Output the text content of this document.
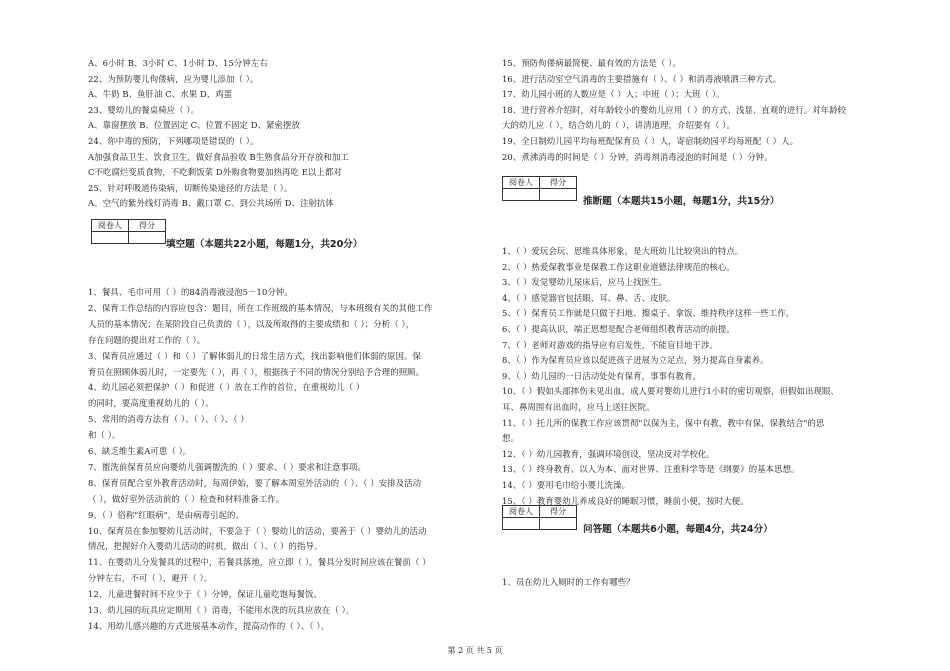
A、6小时 B、3小时 C、1小时 D、15分钟左右
22、为预防婴儿佝偻病，应为婴儿添加（ ）。
A、牛奶 B、鱼肝油 C、水果 D、鸡蛋
23、婴幼儿的餐桌椅应（ ）。
A、靠窗摆放 B、位置固定 C、位置不固定 D、紧密摆放
24、你中毒的预防，下列哪项是错误的（ ）。
A加强食品卫生、饮食卫生，做好食品验收 B生熟食品分开存放和加工
C不吃腐烂变质食物，不吃剩饭菜 D外购食物要加热再吃 E以上都对
25、针对呼吸道传染病，切断传染途径的方法是（ ）。
A、空气的紫外线灯消毒 B、戴口罩 C、到公共场所 D、注射抗体
阅卷人	得分

填空题（本题共22小题，每题1分，共20分）
1、餐具、毛巾可用（ ）的84消毒液浸泡5－10分钟。
2、保育工作总结的内容应包含：题目，所在工作班级的基本情况，与本班级有关的其他工作
人员的基本情况；在某阶段自己负责的（ ），以及所取得的主要成绩和（ ）；分析（ ），
存在问题的提出对工作的（ ）。
3、保育员应通过（ ）和（ ）了解体弱儿的日常生活方式，找出影响他们体弱的原因。保
育员在照顾体弱儿时，一定要先（ ），再（ ），根据孩子不同的情况分别给予合理的照顾。
4、幼儿园必须把保护（ ）和促进（ ）放在工作的首位，在重视幼儿（ ）
的同时，要高度重视幼儿的（ ）。
5、常用的消毒方法有（ ）、（ ）、（ ）、（ ）
和（ ）。
6、缺乏维生素A可患（ ）。
7、盥洗前保育员应向婴幼儿强调盥洗的（ ）要求、（ ）要求和注意事项。
8、保育员配合室外教育活动时，每周伊始，要了解本周室外活动的（ ）、（ ）安排及活动
（ ），做好室外活动前的（ ）检查和材料准备工作。
9、（ ）俗称"红眼病"，是由病毒引起的。
10、保育员在参加婴幼儿活动时，不要急于（ ）婴幼儿的活动，要善于（ ）婴幼儿的活动
情况，把握好介入婴幼儿活动的时机，做出（ ）、（ ）的指导。
11、在婴幼儿分发餐具的过程中，若餐具落地，应立即（ ）。餐具分发时间应该在餐前（ ）
分钟左右，不可（ ），避开（ ）。
12、儿童进餐时间不应少于（ ）分钟，保证儿童吃饱每餐饭。
13、幼儿园的玩具应定期用（ ）消毒，不能用水洗的玩具应放在（ ）。
14、用幼儿感兴趣的方式进展基本动作，提高动作的（ ）、（ ）。
15、预防佝偻病最简便、最有效的方法是（ ）。
16、进行活动室空气消毒的主要措施有（ ）、（ ）和消毒液喷洒三种方式。
17、幼儿园小班的人数应是（ ）人；中班（ ）；大班（ ）。
18、进行营养介绍时，对年龄较小的婴幼儿应用（ ）的方式、浅显、直观的进行。对年龄较
大的幼儿应（ ），结合幼儿的（ ），讲清道理，介绍要有（ ）。
19、全日制幼儿园平均每班配保育员（ ）人，寄宿制幼园平均每班配（ ）人。
20、煮沸消毒的时间是（ ）分钟，消毒剂消毒浸泡的时间是（ ）分钟。
阅卷人	得分

推断题（本题共15小题，每题1分，共15分）
1、（ ）爱玩会玩、思维具体形象，是大班幼儿比较突出的特点。
2、（ ）热爱保教事业是保教工作这职业道德法律规范的核心。
3、（ ）发觉婴幼儿尿床后，应马上找医生。
4、（ ）感觉器官包括眼、耳、鼻、舌、皮肤。
5、（ ）保育员工作就是只做于扫地、擦桌子、拿饭、维持秩序这样一些工作。
6、（ ）提高认识，端正思想是配合老师组织教育活动的前提。
7、（ ）老师对游戏的指导应有启发性，不能盲目地干涉。
8、（ ）作为保育员应该以促进孩子进展为立足点，努力提高自身素养。
9、（ ）幼儿园的一日活动处处有保育，事事有教育。
10、（ ）假如头部摔伤未见出血，成人要对婴幼儿进行1小时的密切观察，但假如出现眼、
耳、鼻周围有出血时，应马上送往医院。
11、（ ）托儿所的保教工作应该贯彻"以保为主，保中有教，教中有保，保教结合"的思
想。
12、（ ）幼儿园教育，强调环境创设，坚决反对学校化。
13、（ ）终身教育、以人为本、面对世界、注重科学等是《纲要》的基本思想。
14、（ ）要用毛巾给小婴儿洗澡。
15、（ ）教育婴幼儿养成良好的睡眠习惯，睡前小便，按时大便。
阅卷人	得分

问答题（本题共6小题，每题4分，共24分）
1、员在幼儿入厕时的工作有哪些？
第 2 页 共 5 页
